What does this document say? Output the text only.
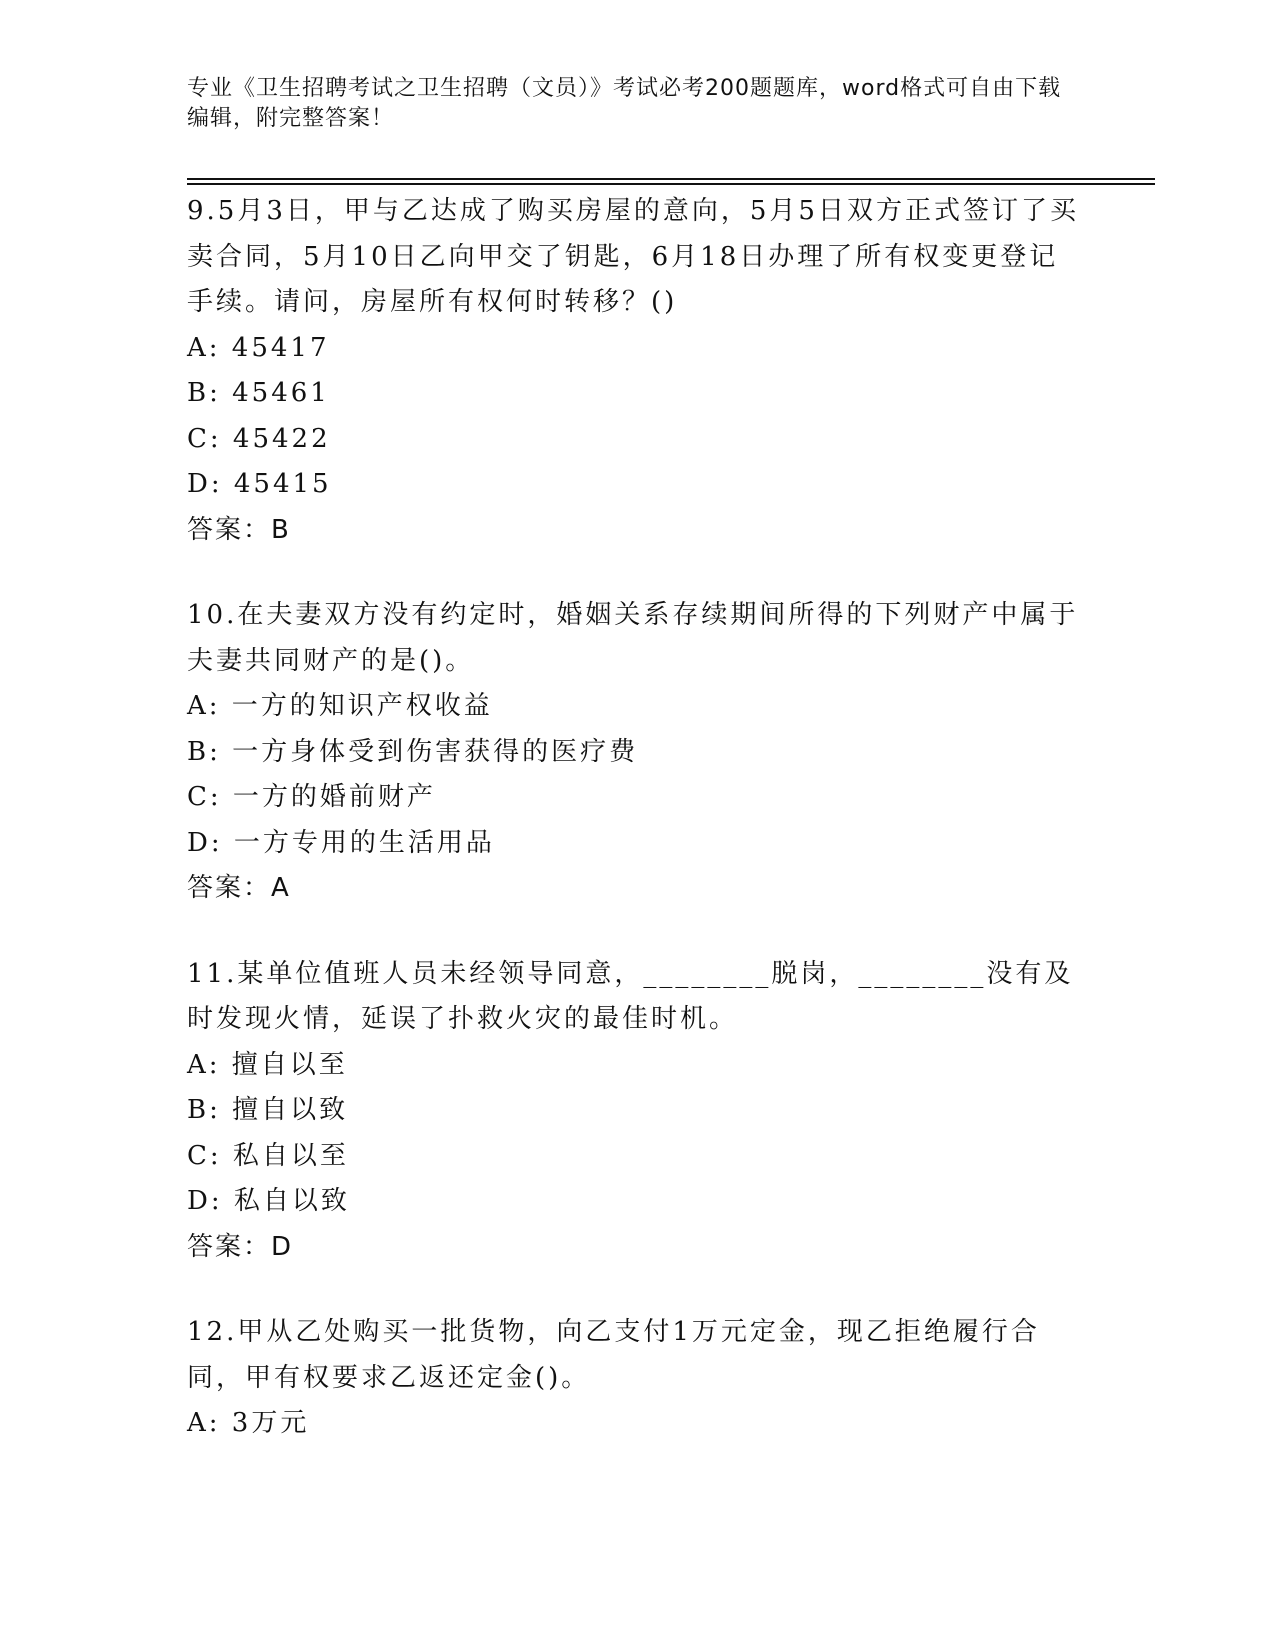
专业《卫生招聘考试之卫生招聘（文员）》考试必考200题题库，word格式可自由下载编辑，附完整答案！

9.5月3日，甲与乙达成了购买房屋的意向，5月5日双方正式签订了买卖合同，5月10日乙向甲交了钥匙，6月18日办理了所有权变更登记手续。请问，房屋所有权何时转移？()

A: 45417

B: 45461

C: 45422

D: 45415

答案：B

10.在夫妻双方没有约定时，婚姻关系存续期间所得的下列财产中属于夫妻共同财产的是()。

A: 一方的知识产权收益

B: 一方身体受到伤害获得的医疗费

C: 一方的婚前财产

D: 一方专用的生活用品

答案：A

11.某单位值班人员未经领导同意，________脱岗，________没有及时发现火情，延误了扑救火灾的最佳时机。

A: 擅自以至

B: 擅自以致

C: 私自以至

D: 私自以致

答案：D

12.甲从乙处购买一批货物，向乙支付1万元定金，现乙拒绝履行合同，甲有权要求乙返还定金()。

A: 3万元
